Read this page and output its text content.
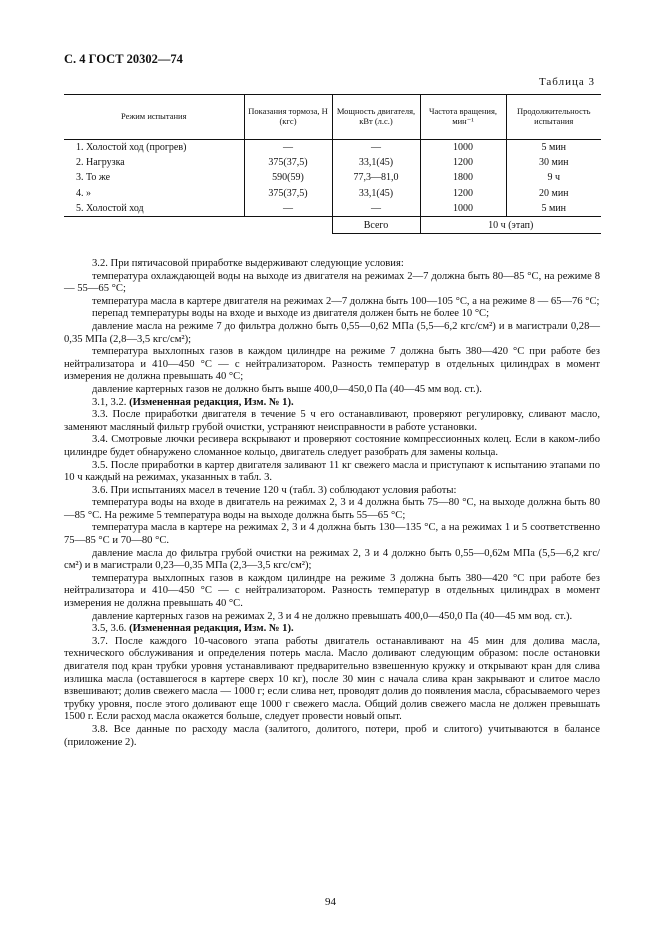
С. 4 ГОСТ 20302—74
Таблица 3
Режим испытания	Показания тормоза, Н (кгс)	Мощность двигателя, кВт (л.с.)	Частота вращения, мин⁻¹	Продолжительность испытания
1. Холостой ход (прогрев)	—	—	1000	5 мин
2. Нагрузка	375(37,5)	33,1(45)	1200	30 мин
3. То же	590(59)	77,3—81,0	1800	9 ч
4. »	375(37,5)	33,1(45)	1200	20 мин
5. Холостой ход	—	—	1000	5 мин
		Всего	10 ч (этап)	

3.2. При пятичасовой приработке выдерживают следующие условия:

температура охлаждающей воды на выходе из двигателя на режимах 2—7 должна быть 80—85 °С, на режиме 8 — 55—65 °С;

температура масла в картере двигателя на режимах 2—7 должна быть 100—105 °С, а на режиме 8 — 65—76 °С;

перепад температуры воды на входе и выходе из двигателя должен быть не более 10 °С;

давление масла на режиме 7 до фильтра должно быть 0,55—0,62 МПа (5,5—6,2 кгс/см²) и в магистрали 0,28—0,35 МПа (2,8—3,5 кгс/см²);

температура выхлопных газов в каждом цилиндре на режиме 7 должна быть 380—420 °С при работе без нейтрализатора и 410—450 °С — с нейтрализатором. Разность температур в отдельных цилиндрах в момент измерения не должна превышать 40 °С;

давление картерных газов не должно быть выше 400,0—450,0 Па (40—45 мм вод. ст.).

3.1, 3.2. (Измененная редакция, Изм. № 1).

3.3. После приработки двигателя в течение 5 ч его останавливают, проверяют регулировку, сливают масло, заменяют масляный фильтр грубой очистки, устраняют неисправности в работе установки.

3.4. Смотровые лючки ресивера вскрывают и проверяют состояние компрессионных колец. Если в каком-либо цилиндре будет обнаружено сломанное кольцо, двигатель следует разобрать для замены кольца.

3.5. После приработки в картер двигателя заливают 11 кг свежего масла и приступают к испытанию этапами по 10 ч каждый на режимах, указанных в табл. 3.

3.6. При испытаниях масел в течение 120 ч (табл. 3) соблюдают условия работы:

температура воды на входе в двигатель на режимах 2, 3 и 4 должна быть 75—80 °С, на выходе должна быть 80—85 °С. На режиме 5 температура воды на выходе должна быть 55—65 °С;

температура масла в картере на режимах 2, 3 и 4 должна быть 130—135 °С, а на режимах 1 и 5 соответственно 75—85 °С и 70—80 °С.

давление масла до фильтра грубой очистки на режимах 2, 3 и 4 должно быть 0,55—0,62м МПа (5,5—6,2 кгс/см²) и в магистрали 0,23—0,35 МПа (2,3—3,5 кгс/см²);

температура выхлопных газов в каждом цилиндре на режиме 3 должна быть 380—420 °С при работе без нейтрализатора и 410—450 °С — с нейтрализатором. Разность температур в отдельных цилиндрах в момент измерения не должна превышать 40 °С.

давление картерных газов на режимах 2, 3 и 4 не должно превышать 400,0—450,0 Па (40—45 мм вод. ст.).

3.5, 3.6. (Измененная редакция, Изм. № 1).

3.7. После каждого 10-часового этапа работы двигатель останавливают на 45 мин для долива масла, технического обслуживания и определения потерь масла. Масло доливают следующим образом: после остановки двигателя под кран трубки уровня устанавливают предварительно взвешенную кружку и открывают кран для слива излишка масла (оставшегося в картере сверх 10 кг), после 30 мин с начала слива кран закрывают и слитое масло взвешивают; долив свежего масла — 1000 г; если слива нет, проводят долив до появления масла, сбрасываемого через трубку уровня, после этого доливают еще 1000 г свежего масла. Общий долив свежего масла не должен превышать 1500 г. Если расход масла окажется больше, следует провести новый опыт.

3.8. Все данные по расходу масла (залитого, долитого, потери, проб и слитого) учитываются в балансе (приложение 2).

94
